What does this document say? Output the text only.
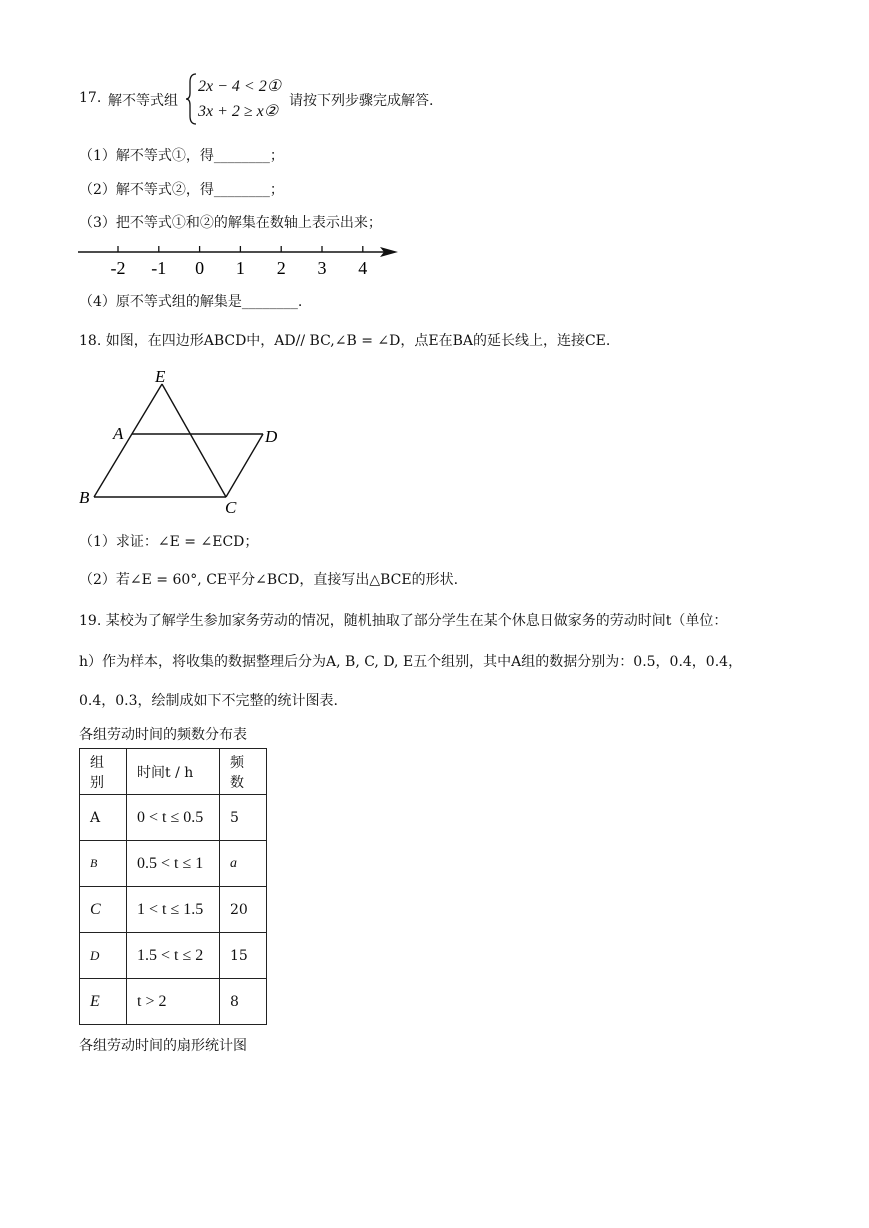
17. 解不等式组
2x − 4 < 2①
3x + 2 ≥ x②
请按下列步骤完成解答.
（1）解不等式①，得________；
（2）解不等式②，得________；
（3）把不等式①和②的解集在数轴上表示出来；
-2 -1 0 1 2 3 4
（4）原不等式组的解集是________.
18. 如图，在四边形ABCD中，AD// BC,∠B = ∠D，点E在BA的延长线上，连接CE.
E
A	D
B
C
（1）求证：∠E = ∠ECD；
（2）若∠E = 60°, CE平分∠BCD，直接写出△BCE的形状.
19. 某校为了解学生参加家务劳动的情况，随机抽取了部分学生在某个休息日做家务的劳动时间t（单位：
h）作为样本，将收集的数据整理后分为A, B, C, D, E五个组别，其中A组的数据分别为：0.5，0.4，0.4，
0.4，0.3，绘制成如下不完整的统计图表.
各组劳动时间的频数分布表
组别	时间t / h	频数
A	0 < t ≤ 0.5	5
B	0.5 < t ≤ 1	a
C	1 < t ≤ 1.5	20
D	1.5 < t ≤ 2	15
E	t > 2	8
各组劳动时间的扇形统计图
